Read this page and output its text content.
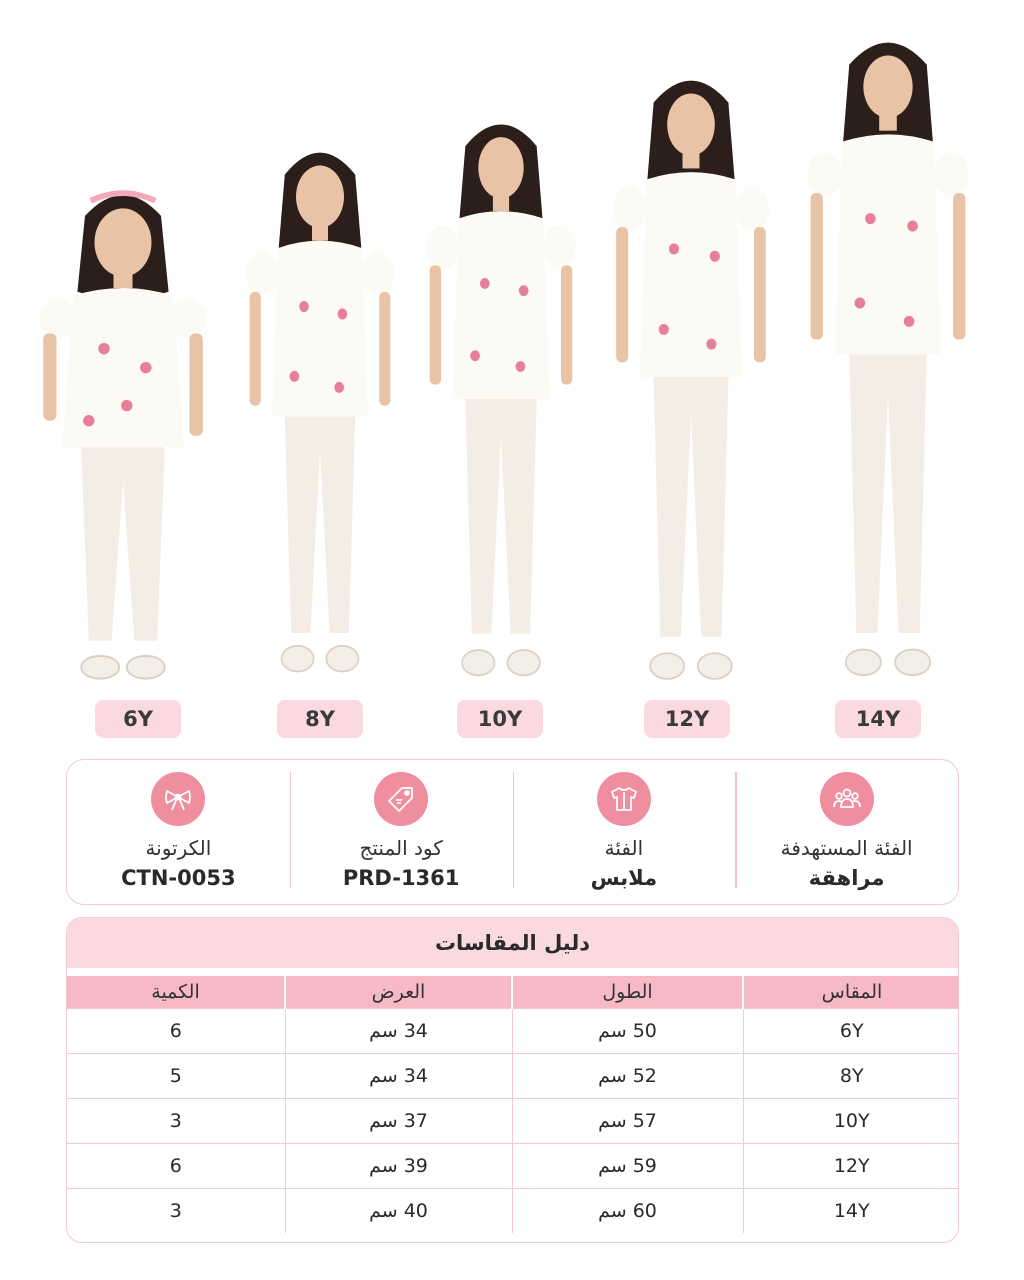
6Y	8Y	10Y	12Y	14Y
الكرتونة
CTN-0053
كود المنتج
PRD-1361
الفئة
ملابس
الفئة المستهدفة
مراهقة
دليل المقاسات
المقاس	الطول	العرض	الكمية
6Y	50 سم	34 سم	6
8Y	52 سم	34 سم	5
10Y	57 سم	37 سم	3
12Y	59 سم	39 سم	6
14Y	60 سم	40 سم	3
